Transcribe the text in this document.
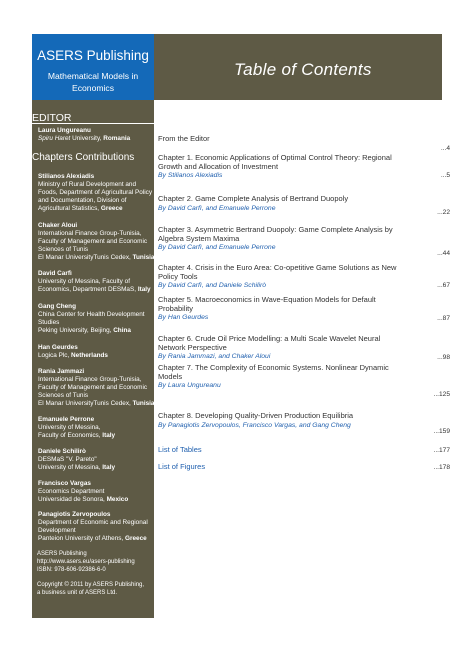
ASERS Publishing
Mathematical Models in Economics
Table of Contents
EDITOR
Laura Ungureanu
Spiru Haret University, Romania
Chapters Contributions
Stilianos Alexiadis
Ministry of Rural Development and Foods, Department of Agricultural Policy and Documentation, Division of Agricultural Statistics, Greece
Chaker Aloui
International Finance Group-Tunisia, Faculty of Management and Economic Sciences of Tunis
El Manar UniversityTunis Cedex, Tunisia
David Carfì
University of Messina, Faculty of Economics, Department DESMaS, Italy
Gang Cheng
China Center for Health Development Studies
Peking University, Beijing, China
Han Geurdes
Logica Plc, Netherlands
Rania Jammazi
International Finance Group-Tunisia, Faculty of Management and Economic Sciences of Tunis
El Manar UniversityTunis Cedex, Tunisia
Emanuele Perrone
University of Messina,
Faculty of Economics, Italy
Daniele Schilirò
DESMaS "V. Pareto"
University of Messina, Italy
Francisco Vargas
Economics Department
Universidad de Sonora, Mexico
Panagiotis Zervopoulos
Department of Economic and Regional Development
Panteion University of Athens, Greece
ASERS Publishing
http://www.asers.eu/asers-publishing
ISBN: 978-606-92386-6-0

Copyright © 2011 by ASERS Publishing,
a business unit of ASERS Ltd.
From the Editor
...4
Chapter 1. Economic Applications of Optimal Control Theory: Regional Growth and Allocation of Investment
By Stilianos Alexiadis	...5
Chapter 2. Game Complete Analysis of Bertrand Duopoly
By David Carfì, and Emanuele Perrone
...22
Chapter 3. Asymmetric Bertrand Duopoly: Game Complete Analysis by Algebra System Maxima
By David Carfì, and Emanuele Perrone
...44
Chapter 4. Crisis in the Euro Area: Co-opetitive Game Solutions as New Policy Tools
By David Carfì, and Daniele Schilirò	...67
Chapter 5. Macroeconomics in Wave-Equation Models for Default Probability
By Han Geurdes	...87
Chapter 6. Crude Oil Price Modelling: a Multi Scale Wavelet Neural Network Perspective
By Rania Jammazi, and Chaker Aloui	...98
Chapter 7. The Complexity of Economic Systems. Nonlinear Dynamic Models
By Laura Ungureanu
...125
Chapter 8. Developing Quality-Driven Production Equilibria
By Panagiotis Zervopoulos, Francisco Vargas, and Gang Cheng
...159
List of Tables	...177
List of Figures	...178
